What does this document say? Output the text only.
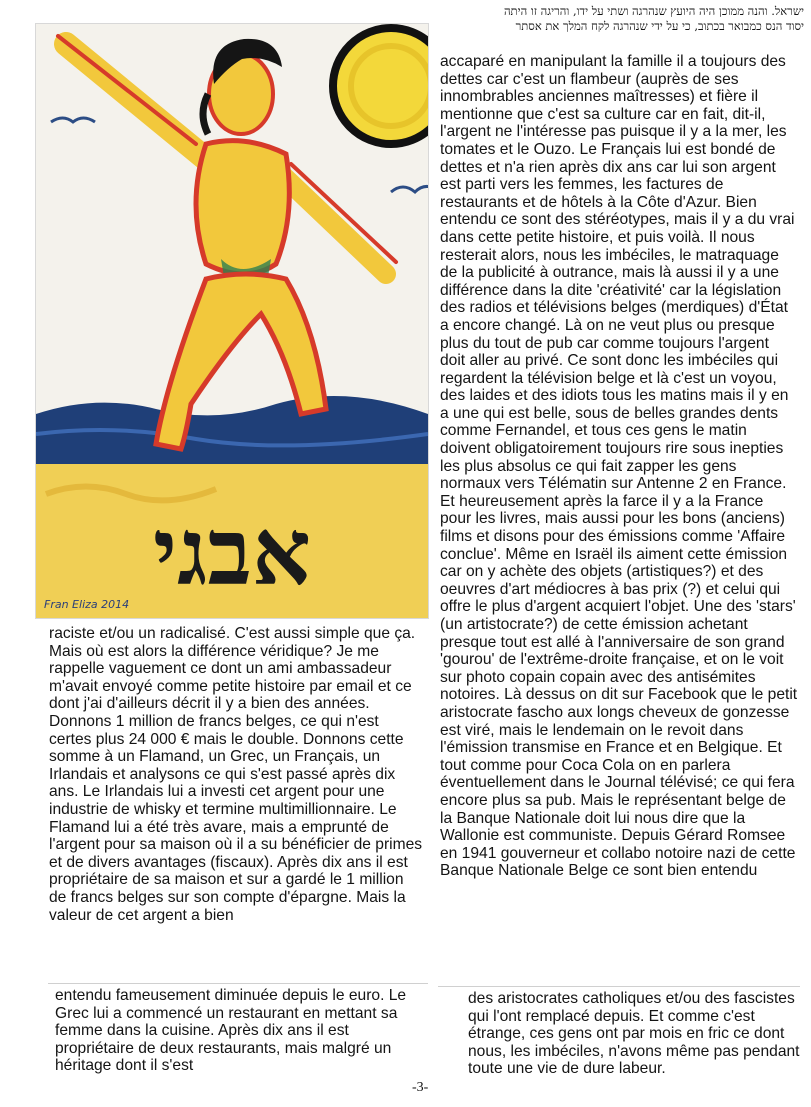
ישראל. והנה ממוכן היה היועץ שנהרגה ושתי על ידו, והריגה זו היתה
יסוד הנס כמבואר בכתוב, כי על ידי שנהרגה לקח המלך את אסתר
אבגי
Fran Eliza 2014
accaparé en manipulant la famille il a toujours des dettes car c'est un flambeur (auprès de ses innombrables anciennes maîtresses) et fière il mentionne que c'est sa culture car en fait, dit-il, l'argent ne l'intéresse pas puisque il y a la mer, les tomates et le Ouzo. Le Français lui est bondé de dettes et n'a rien après dix ans car lui son argent est parti vers les femmes, les factures de restaurants et de hôtels à la Côte d'Azur. Bien entendu ce sont des stéréotypes, mais il y a du vrai dans cette petite histoire, et puis voilà. Il nous resterait alors, nous les imbéciles, le matraquage de la publicité à outrance, mais là aussi il y a une différence dans la dite 'créativité' car la législation des radios et télévisions belges (merdiques) d'État a encore changé. Là on ne veut plus ou presque plus du tout de pub car comme toujours l'argent doit aller au privé. Ce sont donc les imbéciles qui regardent la télévision belge et là c'est un voyou, des laides et des idiots tous les matins mais il y en a une qui est belle, sous de belles grandes dents comme Fernandel, et tous ces gens le matin doivent obligatoirement toujours rire sous inepties les plus absolus ce qui fait zapper les gens normaux vers Télématin sur Antenne 2 en France. Et heureusement après la farce il y a la France pour les livres, mais aussi pour les bons (anciens) films et disons pour des émissions comme 'Affaire conclue'. Même en Israël ils aiment cette émission car on y achète des objets (artistiques?) et des oeuvres d'art médiocres à bas prix (?) et celui qui offre le plus d'argent acquiert l'objet. Une des 'stars' (un artistocrate?) de cette émission achetant presque tout est allé à l'anniversaire de son grand 'gourou' de l'extrême-droite française, et on le voit sur photo copain copain avec des antisémites notoires. Là dessus on dit sur Facebook que le petit aristocrate fascho aux longs cheveux de gonzesse est viré, mais le lendemain on le revoit dans l'émission transmise en France et en Belgique. Et tout comme pour Coca Cola on en parlera éventuellement dans le Journal télévisé; ce qui fera encore plus sa pub. Mais le représentant belge de la Banque Nationale doit lui nous dire que la Wallonie est communiste. Depuis Gérard Romsee en 1941 gouverneur et collabo notoire nazi de cette Banque Nationale Belge ce sont bien entendu
des aristocrates catholiques et/ou des fascistes qui l'ont remplacé depuis. Et comme c'est étrange, ces gens ont par mois en fric ce dont nous, les imbéciles, n'avons même pas pendant toute une vie de dure labeur.
raciste et/ou un radicalisé. C'est aussi simple que ça. Mais où est alors la différence véridique? Je me rappelle vaguement ce dont un ami ambassadeur m'avait envoyé comme petite histoire par email et ce dont j'ai d'ailleurs décrit il y a bien des années. Donnons 1 million de francs belges, ce qui n'est certes plus 24 000 € mais le double. Donnons cette somme à un Flamand, un Grec, un Français, un Irlandais et analysons ce qui s'est passé après dix ans. Le Irlandais lui a investi cet argent pour une industrie de whisky et termine multimillionnaire. Le Flamand lui a été très avare, mais a emprunté de l'argent pour sa maison où il a su bénéficier de primes et de divers avantages (fiscaux). Après dix ans il est propriétaire de sa maison et sur a gardé le 1 million de francs belges sur son compte d'épargne. Mais la valeur de cet argent a bien
entendu fameusement diminuée depuis le euro. Le Grec lui a commencé un restaurant en mettant sa femme dans la cuisine. Après dix ans il est propriétaire de deux restaurants, mais malgré un héritage dont il s'est
-3-
